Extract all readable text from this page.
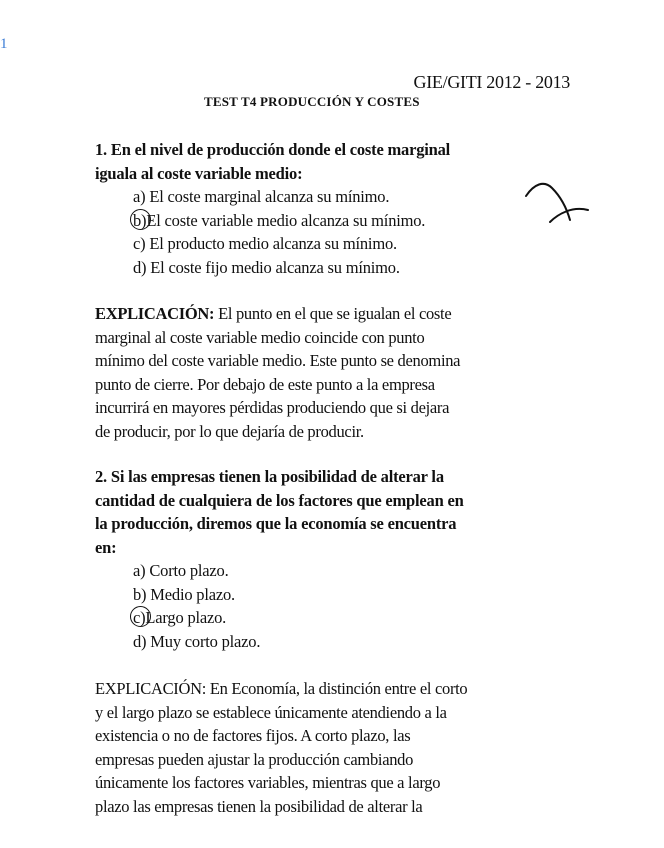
1
GIE/GITI 2012 - 2013
TEST T4 PRODUCCIÓN Y COSTES
1. En el nivel de producción donde el coste marginal
iguala al coste variable medio:
a) El coste marginal alcanza su mínimo.
b)El coste variable medio alcanza su mínimo.
c) El producto medio alcanza su mínimo.
d) El coste fijo medio alcanza su mínimo.
EXPLICACIÓN: El punto en el que se igualan el coste
marginal al coste variable medio coincide con punto
mínimo del coste variable medio. Este punto se denomina
punto de cierre. Por debajo de este punto a la empresa
incurrirá en mayores pérdidas produciendo que si dejara
de producir, por lo que dejaría de producir.
2. Si las empresas tienen la posibilidad de alterar la
cantidad de cualquiera de los factores que emplean en
la producción, diremos que la economía se encuentra
en:
a) Corto plazo.
b) Medio plazo.
c)Largo plazo.
d) Muy corto plazo.
EXPLICACIÓN: En Economía, la distinción entre el corto
y el largo plazo se establece únicamente atendiendo a la
existencia o no de factores fijos. A corto plazo, las
empresas pueden ajustar la producción cambiando
únicamente los factores variables, mientras que a largo
plazo las empresas tienen la posibilidad de alterar la
